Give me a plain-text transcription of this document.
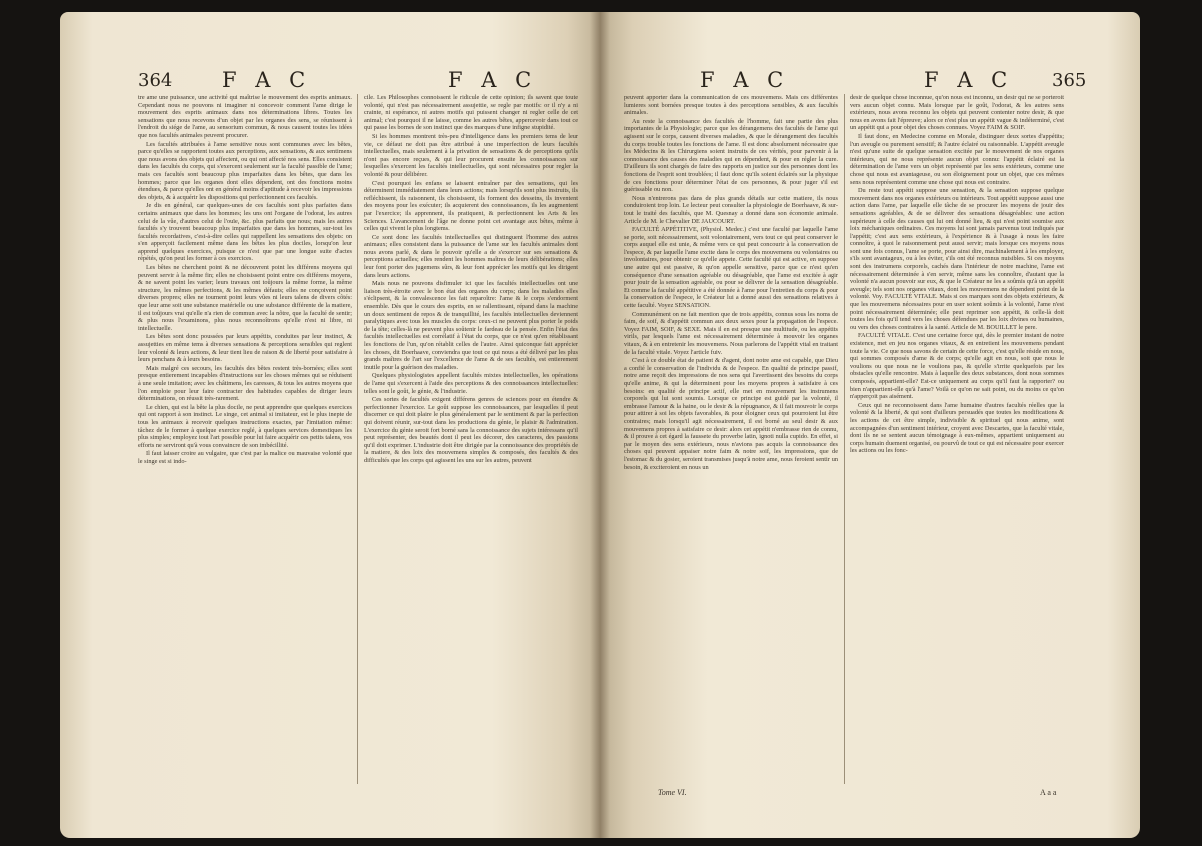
364 F A C	F A C

tre ame une puissance, une activité qui maîtrise le mouvement des esprits animaux. Cependant nous ne pouvons ni imaginer ni concevoir comment l'ame dirige le mouvement des esprits animaux dans nos déterminations libres. Toutes les sensations que nous recevons d'un objet par les organes des sens, se réunissent à l'endroit du siége de l'ame, au sensorium commun, & nous causent toutes les idées que nos facultés animales peuvent procurer.

Les facultés attribuées à l'ame sensitive nous sont communes avec les bêtes, parce qu'elles se rapportent toutes aux perceptions, aux sensations, & aux sentimens que nous avons des objets qui affectent, ou qui ont affecté nos sens. Elles consistent dans les facultés du corps, qui s'exercent seulement sur la faculté passible de l'ame; mais ces facultés sont beaucoup plus imparfaites dans les bêtes, que dans les hommes; parce que les organes dont elles dépendent, ont des fonctions moins étendues, & parce qu'elles ont en général moins d'aptitude à recevoir les impressions des objets, & à acquérir les dispositions qui perfectionnent ces facultés.

Je dis en général, car quelques-unes de ces facultés sont plus parfaites dans certains animaux que dans les hommes; les uns ont l'organe de l'odorat, les autres celui de la vûe, d'autres celui de l'ouïe, &c. plus parfaits que nous; mais les autres facultés s'y trouvent beaucoup plus imparfaites que dans les hommes, sur-tout les facultés recordatives, c'est-à-dire celles qui rappellent les sensations des objets: on s'en apperçoit facilement même dans les bêtes les plus dociles, lorsqu'on leur apprend quelques exercices, puisque ce n'est que par une longue suite d'actes répétés, qu'on peut les former à ces exercices.

Les bêtes ne cherchent point & ne découvrent point les différens moyens qui peuvent servir à la même fin; elles ne choisissent point entre ces différens moyens, & ne savent point les varier; leurs travaux ont toûjours la même forme, la même structure, les mêmes perfections, & les mêmes défauts; elles ne conçoivent point diverses propres; elles ne tournent point leurs vûes ni leurs talens de divers côtés: que leur ame soit une substance matérielle ou une substance différente de la matiere, il est toûjours vrai qu'elle n'a rien de commun avec la nôtre, que la faculté de sentir; & plus nous l'examinons, plus nous reconnoîtrons qu'elle n'est ni libre, ni intellectuelle.

Les bêtes sont donc poussées par leurs appétits, conduites par leur instinct, & assujetties en même tems à diverses sensations & perceptions sensibles qui reglent leur volonté & leurs actions, & leur tient lieu de raison & de liberté pour satisfaire à leurs penchans & à leurs besoins.

Mais malgré ces secours, les facultés des bêtes restent très-bornées; elles sont presque entierement incapables d'instructions sur les choses mêmes qui se réduisent à une seule imitation; avec les châtimens, les caresses, & tous les autres moyens que l'on emploie pour leur faire contracter des habitudes capables de diriger leurs déterminations, on réussit très-rarement.

Le chien, qui est la bête la plus docile, ne peut apprendre que quelques exercices qui ont rapport à son instinct. Le singe, cet animal si imitateur, est le plus inepte de tous les animaux à recevoir quelques instructions exactes, par l'imitation même: tâchez de le former à quelque exercice reglé, à quelques services domestiques les plus simples; employez tout l'art possible pour lui faire acquérir ces petits talens, vos efforts ne serviront qu'à vous convaincre de son imbécillité.

Il faut laisser croire au vulgaire, que c'est par la malice ou mauvaise volonté que le singe est si indo-

cile. Les Philosophes connoissent le ridicule de cette opinion; ils savent que toute volonté, qui n'est pas nécessairement assujettie, se regle par motifs: or il n'y a ni crainte, ni espérance, ni autres motifs qui puissent changer ni regler celle de cet animal; c'est pourquoi il ne laisse, comme les autres bêtes, appercevoir dans tout ce qui passe les bornes de son instinct que des marques d'une infigne stupidité.

Si les hommes montrent très-peu d'intelligence dans les premiers tems de leur vie, ce défaut ne doit pas être attribué à une imperfection de leurs facultés intellectuelles, mais seulement à la privation de sensations & de perceptions qu'ils n'ont pas encore reçues, & qui leur procurent ensuite les connoissances sur lesquelles s'exercent les facultés intellectuelles, qui sont nécessaires pour regler la volonté & pour délibérer.

C'est pourquoi les enfans se laissent entraîner par des sensations, qui les déterminent immédiatement dans leurs actions; mais lorsqu'ils sont plus instruits, ils refléchissent, ils raisonnent, ils choisissent, ils forment des desseins, ils inventent des moyens pour les exécuter; ils acquierent des connoissances, ils les augmentent par l'exercice; ils apprennent, ils pratiquent, & perfectionnent les Arts & les Sciences. L'avancement de l'âge ne donne point cet avantage aux bêtes, même à celles qui vivent le plus longtems.

Ce sont donc les facultés intellectuelles qui distinguent l'homme des autres animaux; elles consistent dans la puissance de l'ame sur les facultés animales dont nous avons parlé, & dans le pouvoir qu'elle a de s'exercer sur ses sensations & perceptions actuelles; elles rendent les hommes maîtres de leurs délibérations; elles leur font porter des jugemens sûrs, & leur font apprécier les motifs qui les dirigent dans leurs actions.

Mais nous ne pouvons disfimuler ici que les facultés intellectuelles ont une liaison très-étroite avec le bon état des organes du corps; dans les maladies elles s'éclipsent, & la convalescence les fait reparoître: l'ame & le corps s'endorment ensemble. Dès que le cours des esprits, en se rallentissant, répand dans la machine un doux sentiment de repos & de tranquillité, les facultés intellectuelles deviennent paralytiques avec tous les muscles du corps: ceux-ci ne peuvent plus porter le poids de la tête; celles-là ne peuvent plus soûtenir le fardeau de la pensée. Enfin l'état des facultés intellectuelles est corrélatif à l'état du corps, que ce n'est qu'en rétablissant les fonctions de l'un, qu'on rétablit celles de l'autre. Ainsi quiconque fait apprécier les choses, dit Boerhaave, conviendra que tout ce qui nous a été délivré par les plus grands maîtres de l'art sur l'excellence de l'ame & de ses facultés, est entierement inutile pour la guérison des maladies.

Quelques physiologistes appellent facultés mixtes intellectuelles, les opérations de l'ame qui s'exercent à l'aide des perceptions & des connoissances intellectuelles: telles sont le goût, le génie, & l'industrie.

Ces sortes de facultés exigent différens genres de sciences pour en étendre & perfectionner l'exercice. Le goût suppose les connoissances, par lesquelles il peut discerner ce qui doit plaire le plus généralement par le sentiment & par la perfection qui doivent réunir, sur-tout dans les productions du génie, le plaisir & l'admiration. L'exercice du génie seroit fort borné sans la connoissance des sujets intéressans qu'il peut représenter, des beautés dont il peut les décorer, des caracteres, des passions qu'il doit exprimer. L'industrie doit être dirigée par la connoissance des propriétés de la matiere, & des loix des mouvemens simples & composés, des facultés & des difficultés que les corps qui agissent les uns sur les autres, peuvent

F A C	F A C 365

peuvent apporter dans la communication de ces mouvemens. Mais ces différentes lumieres sont bornées presque toutes à des perceptions sensibles, & aux facultés animales.

Au reste la connoissance des facultés de l'homme, fait une partie des plus importantes de la Physiologie; parce que les dérangemens des facultés de l'ame qui agissent sur le corps, causent diverses maladies, & que le dérangement des facultés du corps trouble toutes les fonctions de l'ame. Il est donc absolument nécessaire que les Médecins & les Chirurgiens soient instruits de ces vérités, pour parvenir à la connoissance des causes des maladies qui en dépendent, & pour en régler la cure. D'ailleurs ils sont chargés de faire des rapports en justice sur des personnes dont les fonctions de l'esprit sont troublées; il faut donc qu'ils soient éclairés sur la physique de ces fonctions pour déterminer l'état de ces personnes, & pour juger s'il est guérissable ou non.

Nous n'entrerons pas dans de plus grands détails sur cette matiere, ils nous conduiroient trop loin. Le lecteur peut consulter la physiologie de Boerhaave, & sur-tout le traité des facultés, que M. Quesnay a donné dans son économie animale. Article de M. le Chevalier DE JAUCOURT.

FACULTÉ APPÉTITIVE, (Physiol. Medec.) c'est une faculté par laquelle l'ame se porte, soit nécessairement, soit volontairement, vers tout ce qui peut conserver le corps auquel elle est unie, & même vers ce qui peut concourir à la conservation de l'espece, & par laquelle l'ame excite dans le corps des mouvemens ou volontaires ou involontaires, pour obtenir ce qu'elle appete. Cette faculté qui est active, en suppose une autre qui est passive, & qu'on appelle sensitive, parce que ce n'est qu'en conséquence d'une sensation agréable ou désagréable, que l'ame est excitée à agir pour jouir de la sensation agréable, ou pour se délivrer de la sensation désagréable. Et comme la faculté appétitive a été donnée à l'ame pour l'entretien du corps & pour la conservation de l'espece, le Créateur lui a donné aussi des sensations relatives à cette faculté. Voyez SENSATION.

Communément on ne fait mention que de trois appétits, connus sous les noms de faim, de soif, & d'appétit commun aux deux sexes pour la propagation de l'espece. Voyez FAIM, SOIF, & SEXE. Mais il en est presque une multitude, ou les appétits virils, par lesquels l'ame est nécessairement déterminée à mouvoir les organes vitaux, & à en entretenir les mouvemens. Nous parlerons de l'appétit vital en traitant de la faculté vitale. Voyez l'article fuiv.

C'est à ce double état de patient & d'agent, dont notre ame est capable, que Dieu a confié le conservation de l'individu & de l'espece. En qualité de principe passif, notre ame reçoit des impressions de nos sens qui l'avertissent des besoins du corps qu'elle anime, & qui la déterminent pour les moyens propres à satisfaire à ces besoins: en qualité de principe actif, elle met en mouvement les instrumens corporels qui lui sont soumis. Lorsque ce principe est guidé par la volonté, il embrasse l'amour & la haine, ou le desir & la répugnance, & il fait mouvoir le corps pour attirer à soi les objets favorables, & pour éloigner ceux qui pourroient lui être contraires; mais lorsqu'il agit nécessairement, il est borné au seul desir & aux mouvemens propres à satisfaire ce desir: alors cet appétit n'embrasse rien de connu, & il prouve à cet égard la faussete du proverbe latin, ignoti nulla cupido. En effet, si par le moyen des sens extérieurs, nous n'avions pas acquis la connoissance des choses qui peuvent appaiser notre faim & notre soif, les impressions, que de l'estomac & du gosier, seroient transmises jusqu'à notre ame, nous feroient sentir un besoin, & exciteroient en nous un

desir de quelque chose inconnue, qu'on nous est inconnu, un desir qui ne se porteroit vers aucun objet connu. Mais lorsque par le goût, l'odorat, & les autres sens extérieurs, nous avons reconnu les objets qui peuvent contenter notre desir, & que nous en avons fait l'épreuve; alors ce n'est plus un appétit vague & indéterminé, c'est un appétit qui a pour objet des choses connues. Voyez FAIM & SOIF.

Il faut donc, en Medecine comme en Morale, distinguer deux sortes d'appétits; l'un aveugle ou purement sensitif; & l'autre éclairé ou raisonnable. L'appétit aveugle n'est qu'une suite de quelque sensation excitée par le mouvement de nos organes intérieurs, qui ne nous représente aucun objet connu: l'appétit éclairé est la détermination de l'ame vers un objet représenté par les sens extérieurs, comme une chose qui nous est avantageuse, ou son éloignement pour un objet, que ces mêmes sens nous représentent comme une chose qui nous est contraire.

Du reste tout appétit suppose une sensation, & la sensation suppose quelque mouvement dans nos organes extérieurs ou intérieurs. Tout appétit suppose aussi une action dans l'ame, par laquelle elle tâche de se procurer les moyens de jouir des sensations agréables, & de se délivrer des sensations désagréables: une action supérieure à celle des causes qui lui ont donné lieu, & qui n'est point soumise aux loix méchaniques ordinaires. Ces moyens lui sont jamais parvenus tout indiqués par l'appétit; c'est aux sens extérieurs, à l'expérience & à l'usage à nous les faire connoître, à quoi le raisonnement peut aussi servir; mais lorsque ces moyens nous sont une fois connus, l'ame se porte, pour ainsi dire, machinalement à les employer, s'ils sont avantageux, ou à les éviter, s'ils ont été reconnus nuisibles. Si ces moyens sont des instrumens corporels, cachés dans l'intérieur de notre machine, l'ame est nécessairement déterminée à s'en servir, même sans les connoître, d'autant que la volonté n'a aucun pouvoir sur eux, & que le Créateur ne les a soûmis qu'à un appétit aveugle; tels sont nos organes vitaux, dont les mouvemens ne dépendent point de la volonté. Voy. FACULTÉ VITALE. Mais si ces marques sont des objets extérieurs, & que les mouvemens nécessaires pour en user soient soûmis à la volonté, l'ame n'est point nécessairement déterminée; elle peut reprimer son appétit, & celle-là doit toutes les fois qu'il tend vers les choses défendues par les loix divines ou humaines, ou vers des choses contraires à la santé. Article de M. BOUILLET le pere.

FACULTÉ VITALE. C'est une certaine force qui, dès le premier instant de notre existence, met en jeu nos organes vitaux, & en entretient les mouvemens pendant toute la vie. Ce que nous savons de certain de cette force, c'est qu'elle réside en nous, qui sommes composés d'ame & de corps; qu'elle agit en nous, soit que nous le voulions ou que nous ne le voulions pas, & qu'elle s'irrite quelquefois par les obstacles qu'elle rencontre. Mais à laquelle des deux substances, dont nous sommes composés, appartient-elle? Est-ce uniquement au corps qu'il faut la rapporter? ou bien n'appartient-elle qu'à l'ame? Voilà ce qu'on ne sait point, ou du moins ce qu'on n'apperçoit pas aisément.

Ceux qui ne reconnoissent dans l'ame humaine d'autres facultés réelles que la volonté & la liberté, & qui sont d'ailleurs persuadés que toutes les modifications & les actions de cet être simple, indivisible & spirituel qui nous anime, sont accompagnées d'un sentiment intérieur, croyent avec Descartes, que la faculté vitale, dont ils ne se sentent aucun témoignage à eux-mêmes, appartient uniquement au corps humain duement organisé, ou pourvû de tout ce qui est nécessaire pour exercer les actions ou les fonc-

Tome VI.	A a a
